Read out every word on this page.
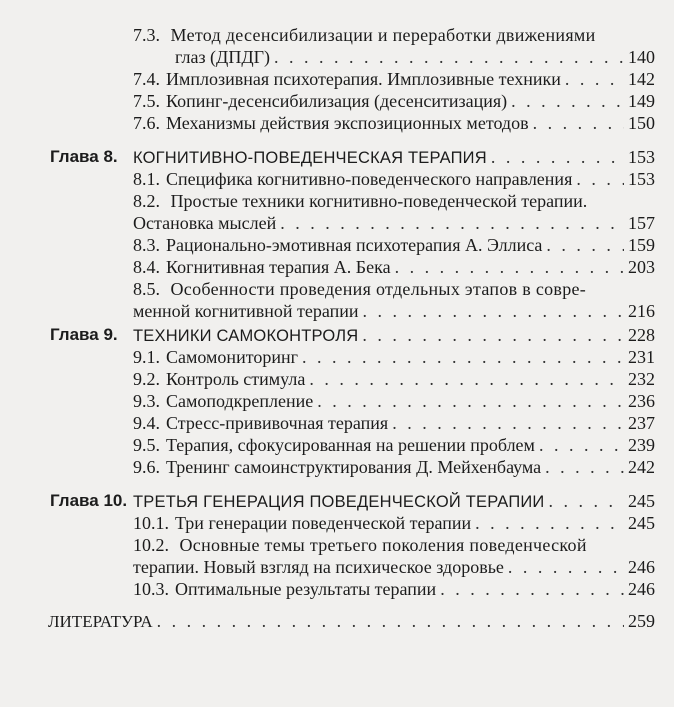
7.3. Метод десенсибилизации и переработки движениями
глаз (ДПДГ) . . .	140
7.4. Имплозивная психотерапия. Имплозивные техники . . .	142
7.5. Копинг-десенсибилизация (десенситизация) . . .	149
7.6. Механизмы действия экспозиционных методов . . .	150
Глава 8. КОГНИТИВНО-ПОВЕДЕНЧЕСКАЯ ТЕРАПИЯ . . .	153
8.1. Специфика когнитивно-поведенческого направления . . .	153
8.2. Простые техники когнитивно-поведенческой терапии.
Остановка мыслей . . .	157
8.3. Рационально-эмотивная психотерапия А. Эллиса . . .	159
8.4. Когнитивная терапия А. Бека . . .	203
8.5. Особенности проведения отдельных этапов в совре-
менной когнитивной терапии . . .	216
Глава 9. ТЕХНИКИ САМОКОНТРОЛЯ . . .	228
9.1. Самомониторинг . . .	231
9.2. Контроль стимула . . .	232
9.3. Самоподкрепление . . .	236
9.4. Стресс-прививочная терапия . . .	237
9.5. Терапия, сфокусированная на решении проблем . . .	239
9.6. Тренинг самоинструктирования Д. Мейхенбаума . . .	242
Глава 10. ТРЕТЬЯ ГЕНЕРАЦИЯ ПОВЕДЕНЧЕСКОЙ ТЕРАПИИ . . .	245
10.1. Три генерации поведенческой терапии . . .	245
10.2. Основные темы третьего поколения поведенческой
терапии. Новый взгляд на психическое здоровье . . .	246
10.3. Оптимальные результаты терапии . . .	246
ЛИТЕРАТУРА . . .	259
